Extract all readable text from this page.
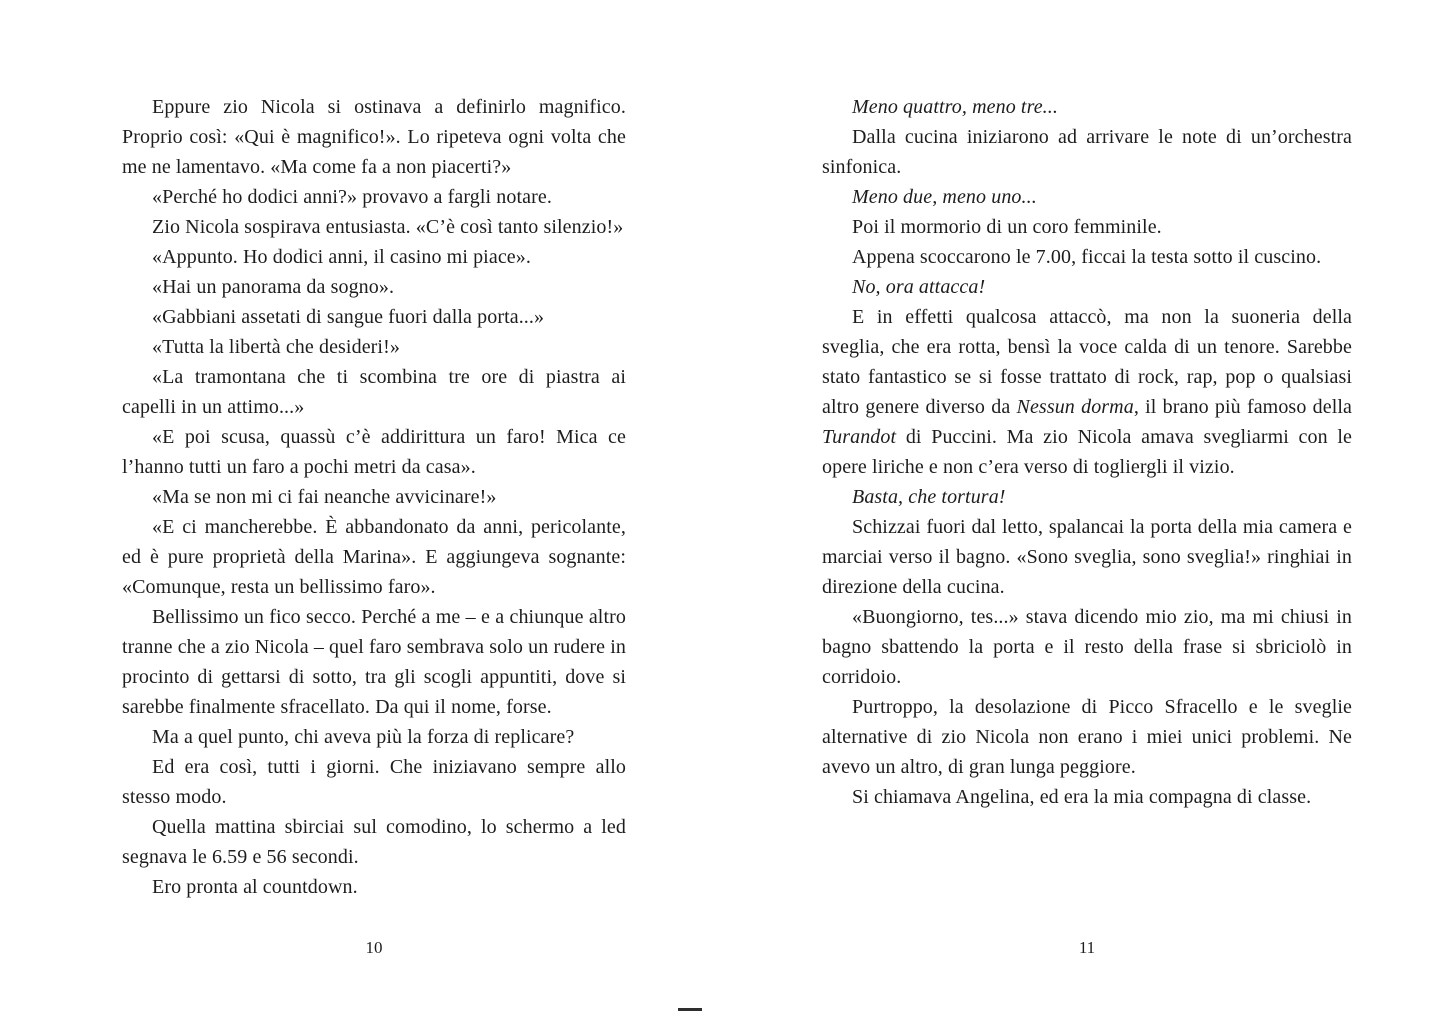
Eppure zio Nicola si ostinava a definirlo magnifico. Proprio così: «Qui è magnifico!». Lo ripeteva ogni volta che me ne lamentavo. «Ma come fa a non piacerti?»

«Perché ho dodici anni?» provavo a fargli notare.

Zio Nicola sospirava entusiasta. «C’è così tanto silenzio!»

«Appunto. Ho dodici anni, il casino mi piace».

«Hai un panorama da sogno».

«Gabbiani assetati di sangue fuori dalla porta...»

«Tutta la libertà che desideri!»

«La tramontana che ti scombina tre ore di piastra ai capelli in un attimo...»

«E poi scusa, quassù c’è addirittura un faro! Mica ce l’hanno tutti un faro a pochi metri da casa».

«Ma se non mi ci fai neanche avvicinare!»

«E ci mancherebbe. È abbandonato da anni, pericolante, ed è pure proprietà della Marina». E aggiungeva sognante: «Comunque, resta un bellissimo faro».

Bellissimo un fico secco. Perché a me – e a chiunque altro tranne che a zio Nicola – quel faro sembrava solo un rudere in procinto di gettarsi di sotto, tra gli scogli appuntiti, dove si sarebbe finalmente sfracellato. Da qui il nome, forse.

Ma a quel punto, chi aveva più la forza di replicare?

Ed era così, tutti i giorni. Che iniziavano sempre allo stesso modo.

Quella mattina sbirciai sul comodino, lo schermo a led segnava le 6.59 e 56 secondi.

Ero pronta al countdown.

10

Meno quattro, meno tre...

Dalla cucina iniziarono ad arrivare le note di un’orchestra sinfonica.

Meno due, meno uno...

Poi il mormorio di un coro femminile.

Appena scoccarono le 7.00, ficcai la testa sotto il cuscino.

No, ora attacca!

E in effetti qualcosa attaccò, ma non la suoneria della sveglia, che era rotta, bensì la voce calda di un tenore. Sarebbe stato fantastico se si fosse trattato di rock, rap, pop o qualsiasi altro genere diverso da Nessun dorma, il brano più famoso della Turandot di Puccini. Ma zio Nicola amava svegliarmi con le opere liriche e non c’era verso di togliergli il vizio.

Basta, che tortura!

Schizzai fuori dal letto, spalancai la porta della mia camera e marciai verso il bagno. «Sono sveglia, sono sveglia!» ringhiai in direzione della cucina.

«Buongiorno, tes...» stava dicendo mio zio, ma mi chiusi in bagno sbattendo la porta e il resto della frase si sbriciolò in corridoio.

Purtroppo, la desolazione di Picco Sfracello e le sveglie alternative di zio Nicola non erano i miei unici problemi. Ne avevo un altro, di gran lunga peggiore.

Si chiamava Angelina, ed era la mia compagna di classe.

11
